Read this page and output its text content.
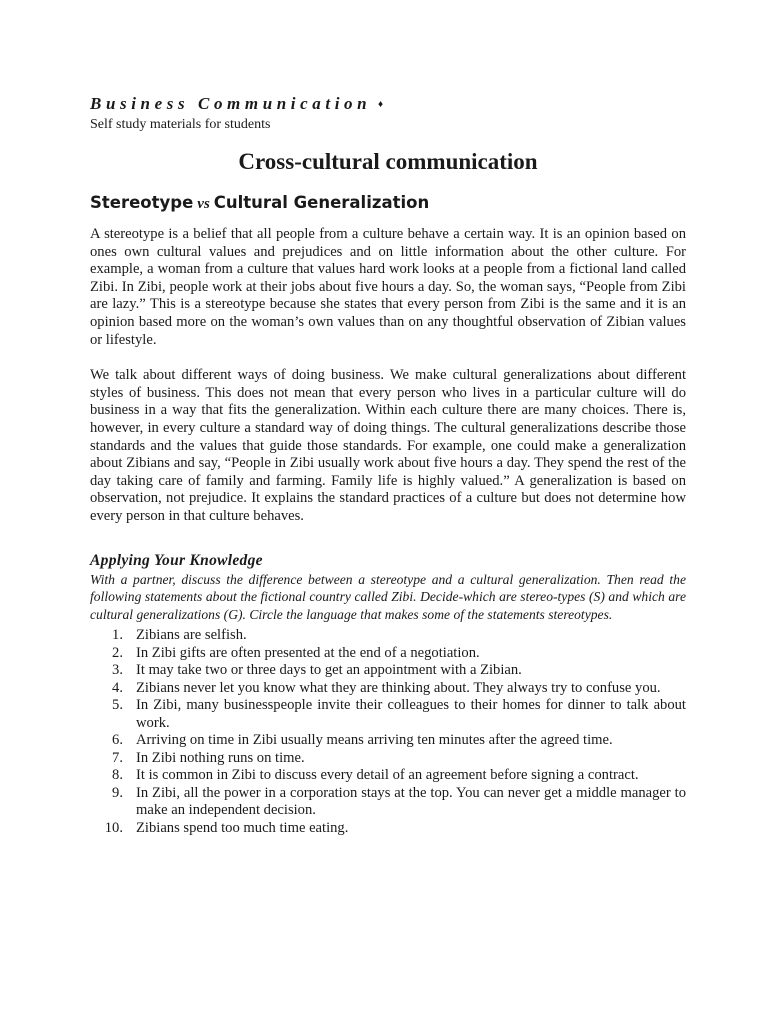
Business Communication ♦

Self study materials for students

Cross-cultural communication
Stereotype vs Cultural Generalization

A stereotype is a belief that all people from a culture behave a certain way. It is an opinion based on ones own cultural values and prejudices and on little information about the other culture. For example, a woman from a culture that values hard work looks at a people from a fictional land called Zibi. In Zibi, people work at their jobs about five hours a day. So, the woman says, “People from Zibi are lazy.” This is a stereotype because she states that every person from Zibi is the same and it is an opinion based more on the woman’s own values than on any thoughtful observation of Zibian values or lifestyle.

We talk about different ways of doing business. We make cultural generalizations about different styles of business. This does not mean that every person who lives in a particular culture will do business in a way that fits the generalization. Within each culture there are many choices. There is, however, in every culture a standard way of doing things. The cultural generalizations describe those standards and the values that guide those standards. For example, one could make a generalization about Zibians and say, “People in Zibi usually work about five hours a day. They spend the rest of the day taking care of family and farming. Family life is highly valued.” A generalization is based on observation, not prejudice. It explains the standard practices of a culture but does not determine how every person in that culture behaves.

Applying Your Knowledge

With a partner, discuss the difference between a stereotype and a cultural generalization. Then read the following statements about the fictional country called Zibi. Decide-which are stereo-types (S) and which are cultural generalizations (G). Circle the language that makes some of the statements stereotypes.

1. Zibians are selfish.
2. In Zibi gifts are often presented at the end of a negotiation.
3. It may take two or three days to get an appointment with a Zibian.
4. Zibians never let you know what they are thinking about. They always try to confuse you.
5. In Zibi, many businesspeople invite their colleagues to their homes for dinner to talk about work.
6. Arriving on time in Zibi usually means arriving ten minutes after the agreed time.
7. In Zibi nothing runs on time.
8. It is common in Zibi to discuss every detail of an agreement before signing a contract.
9. In Zibi, all the power in a corporation stays at the top. You can never get a middle manager to make an independent decision.
10. Zibians spend too much time eating.
